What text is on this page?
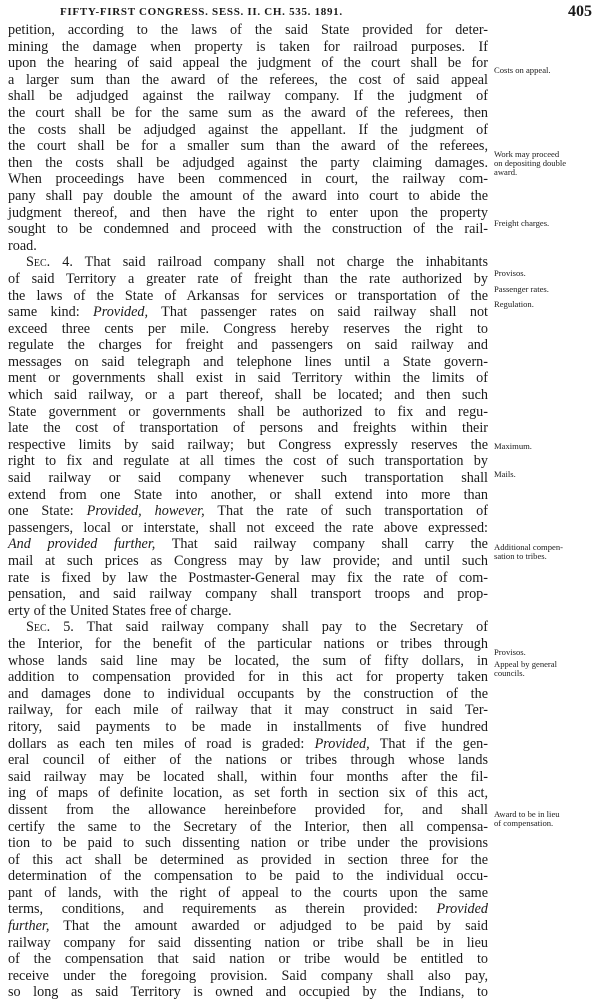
FIFTY-FIRST CONGRESS. SESS. II. CH. 535. 1891.	405
petition, according to the laws of the said State provided for deter-
mining the damage when property is taken for railroad purposes. If
upon the hearing of said appeal the judgment of the court shall be for
a larger sum than the award of the referees, the cost of said appeal
shall be adjudged against the railway company. If the judgment of
the court shall be for the same sum as the award of the referees, then
the costs shall be adjudged against the appellant. If the judgment of
the court shall be for a smaller sum than the award of the referees,
then the costs shall be adjudged against the party claiming damages.
When proceedings have been commenced in court, the railway com-
pany shall pay double the amount of the award into court to abide the
judgment thereof, and then have the right to enter upon the property
sought to be condemned and proceed with the construction of the rail-
road.
Sec. 4. That said railroad company shall not charge the inhabitants
of said Territory a greater rate of freight than the rate authorized by
the laws of the State of Arkansas for services or transportation of the
same kind: Provided, That passenger rates on said railway shall not
exceed three cents per mile. Congress hereby reserves the right to
regulate the charges for freight and passengers on said railway and
messages on said telegraph and telephone lines until a State govern-
ment or governments shall exist in said Territory within the limits of
which said railway, or a part thereof, shall be located; and then such
State government or governments shall be authorized to fix and regu-
late the cost of transportation of persons and freights within their
respective limits by said railway; but Congress expressly reserves the
right to fix and regulate at all times the cost of such transportation by
said railway or said company whenever such transportation shall
extend from one State into another, or shall extend into more than
one State: Provided, however, That the rate of such transportation of
passengers, local or interstate, shall not exceed the rate above expressed:
And provided further, That said railway company shall carry the
mail at such prices as Congress may by law provide; and until such
rate is fixed by law the Postmaster-General may fix the rate of com-
pensation, and said railway company shall transport troops and prop-
erty of the United States free of charge.
Sec. 5. That said railway company shall pay to the Secretary of
the Interior, for the benefit of the particular nations or tribes through
whose lands said line may be located, the sum of fifty dollars, in
addition to compensation provided for in this act for property taken
and damages done to individual occupants by the construction of the
railway, for each mile of railway that it may construct in said Ter-
ritory, said payments to be made in installments of five hundred
dollars as each ten miles of road is graded: Provided, That if the gen-
eral council of either of the nations or tribes through whose lands
said railway may be located shall, within four months after the fil-
ing of maps of definite location, as set forth in section six of this act,
dissent from the allowance hereinbefore provided for, and shall
certify the same to the Secretary of the Interior, then all compensa-
tion to be paid to such dissenting nation or tribe under the provisions
of this act shall be determined as provided in section three for the
determination of the compensation to be paid to the individual occu-
pant of lands, with the right of appeal to the courts upon the same
terms, conditions, and requirements as therein provided: Provided
further, That the amount awarded or adjudged to be paid by said
railway company for said dissenting nation or tribe shall be in lieu
of the compensation that said nation or tribe would be entitled to
receive under the foregoing provision. Said company shall also pay,
so long as said Territory is owned and occupied by the Indians, to
Costs on appeal.
Work may proceed
on depositing double
award.
Freight charges.
Provisos.
Passenger rates.
Regulation.
Maximum.
Mails.
Additional compen-
sation to tribes.
Provisos.
Appeal by general
councils.
Award to be in lieu
of compensation.
